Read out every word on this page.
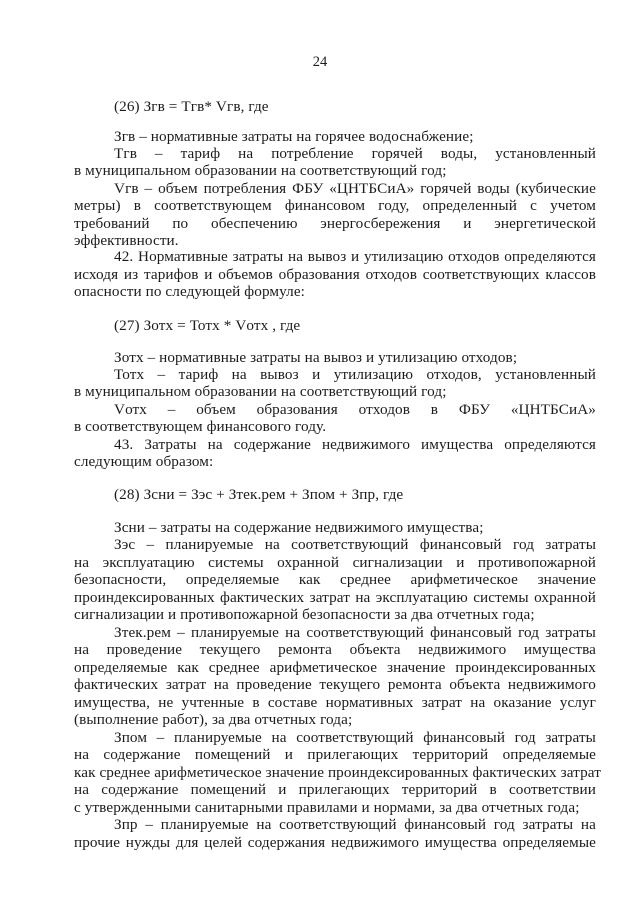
24
(26) Згв = Тгв* Vгв, где
Згв – нормативные затраты на горячее водоснабжение;
Тгв – тариф на потребление горячей воды, установленный
в муниципальном образовании на соответствующий год;
Vгв – объем потребления ФБУ «ЦНТБСиА» горячей воды (кубические
метры) в соответствующем финансовом году, определенный с учетом
требований по обеспечению энергосбережения и энергетической
эффективности.
42. Нормативные затраты на вывоз и утилизацию отходов определяются
исходя из тарифов и объемов образования отходов соответствующих классов
опасности по следующей формуле:
(27) Зотх = Тотх * Vотх , где
Зотх – нормативные затраты на вывоз и утилизацию отходов;
Тотх – тариф на вывоз и утилизацию отходов, установленный
в муниципальном образовании на соответствующий год;
Vотх – объем образования отходов в ФБУ «ЦНТБСиА»
в соответствующем финансового году.
43. Затраты на содержание недвижимого имущества определяются
следующим образом:
(28) Зсни = Зэс + Зтек.рем + Зпом + Зпр, где
Зсни – затраты на содержание недвижимого имущества;
Зэс – планируемые на соответствующий финансовый год затраты
на эксплуатацию системы охранной сигнализации и противопожарной
безопасности, определяемые как среднее арифметическое значение
проиндексированных фактических затрат на эксплуатацию системы охранной
сигнализации и противопожарной безопасности за два отчетных года;
Зтек.рем – планируемые на соответствующий финансовый год затраты
на проведение текущего ремонта объекта недвижимого имущества
определяемые как среднее арифметическое значение проиндексированных
фактических затрат на проведение текущего ремонта объекта недвижимого
имущества, не учтенные в составе нормативных затрат на оказание услуг
(выполнение работ), за два отчетных года;
Зпом – планируемые на соответствующий финансовый год затраты
на содержание помещений и прилегающих территорий определяемые
как среднее арифметическое значение проиндексированных фактических затрат
на содержание помещений и прилегающих территорий в соответствии
с утвержденными санитарными правилами и нормами, за два отчетных года;
Зпр – планируемые на соответствующий финансовый год затраты на
прочие нужды для целей содержания недвижимого имущества определяемые
